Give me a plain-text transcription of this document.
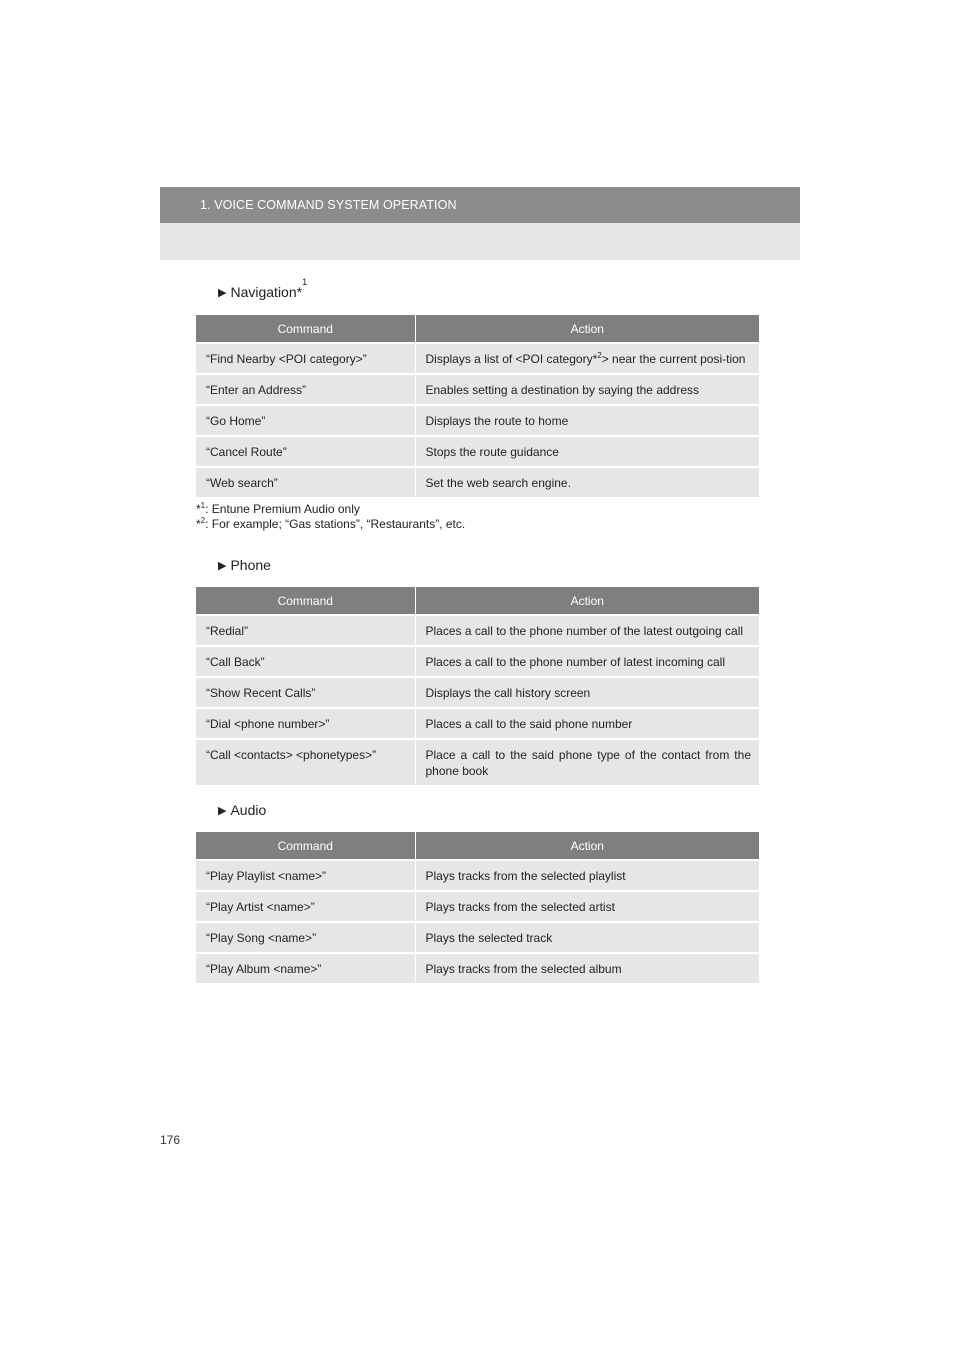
1. VOICE COMMAND SYSTEM OPERATION
▶ Navigation*
$^1$
Command	Action
“Find Nearby <POI category>”	Displays a list of <POI category*$^2$> near the current posi-tion
“Enter an Address”	Enables setting a destination by saying the address
“Go Home”	Displays the route to home
“Cancel Route”	Stops the route guidance
“Web search”	Set the web search engine.
*$^1$: Entune Premium Audio only
*$^2$: For example; “Gas stations”, “Restaurants”, etc.
▶ Phone
Command	Action
“Redial”	Places a call to the phone number of the latest outgoing call
“Call Back”	Places a call to the phone number of latest incoming call
“Show Recent Calls”	Displays the call history screen
“Dial <phone number>”	Places a call to the said phone number
“Call <contacts> <phonetypes>”	Place a call to the said phone type of the contact from the phone book
▶ Audio
Command	Action
“Play Playlist <name>”	Plays tracks from the selected playlist
“Play Artist <name>”	Plays tracks from the selected artist
“Play Song <name>”	Plays the selected track
“Play Album <name>”	Plays tracks from the selected album
176
